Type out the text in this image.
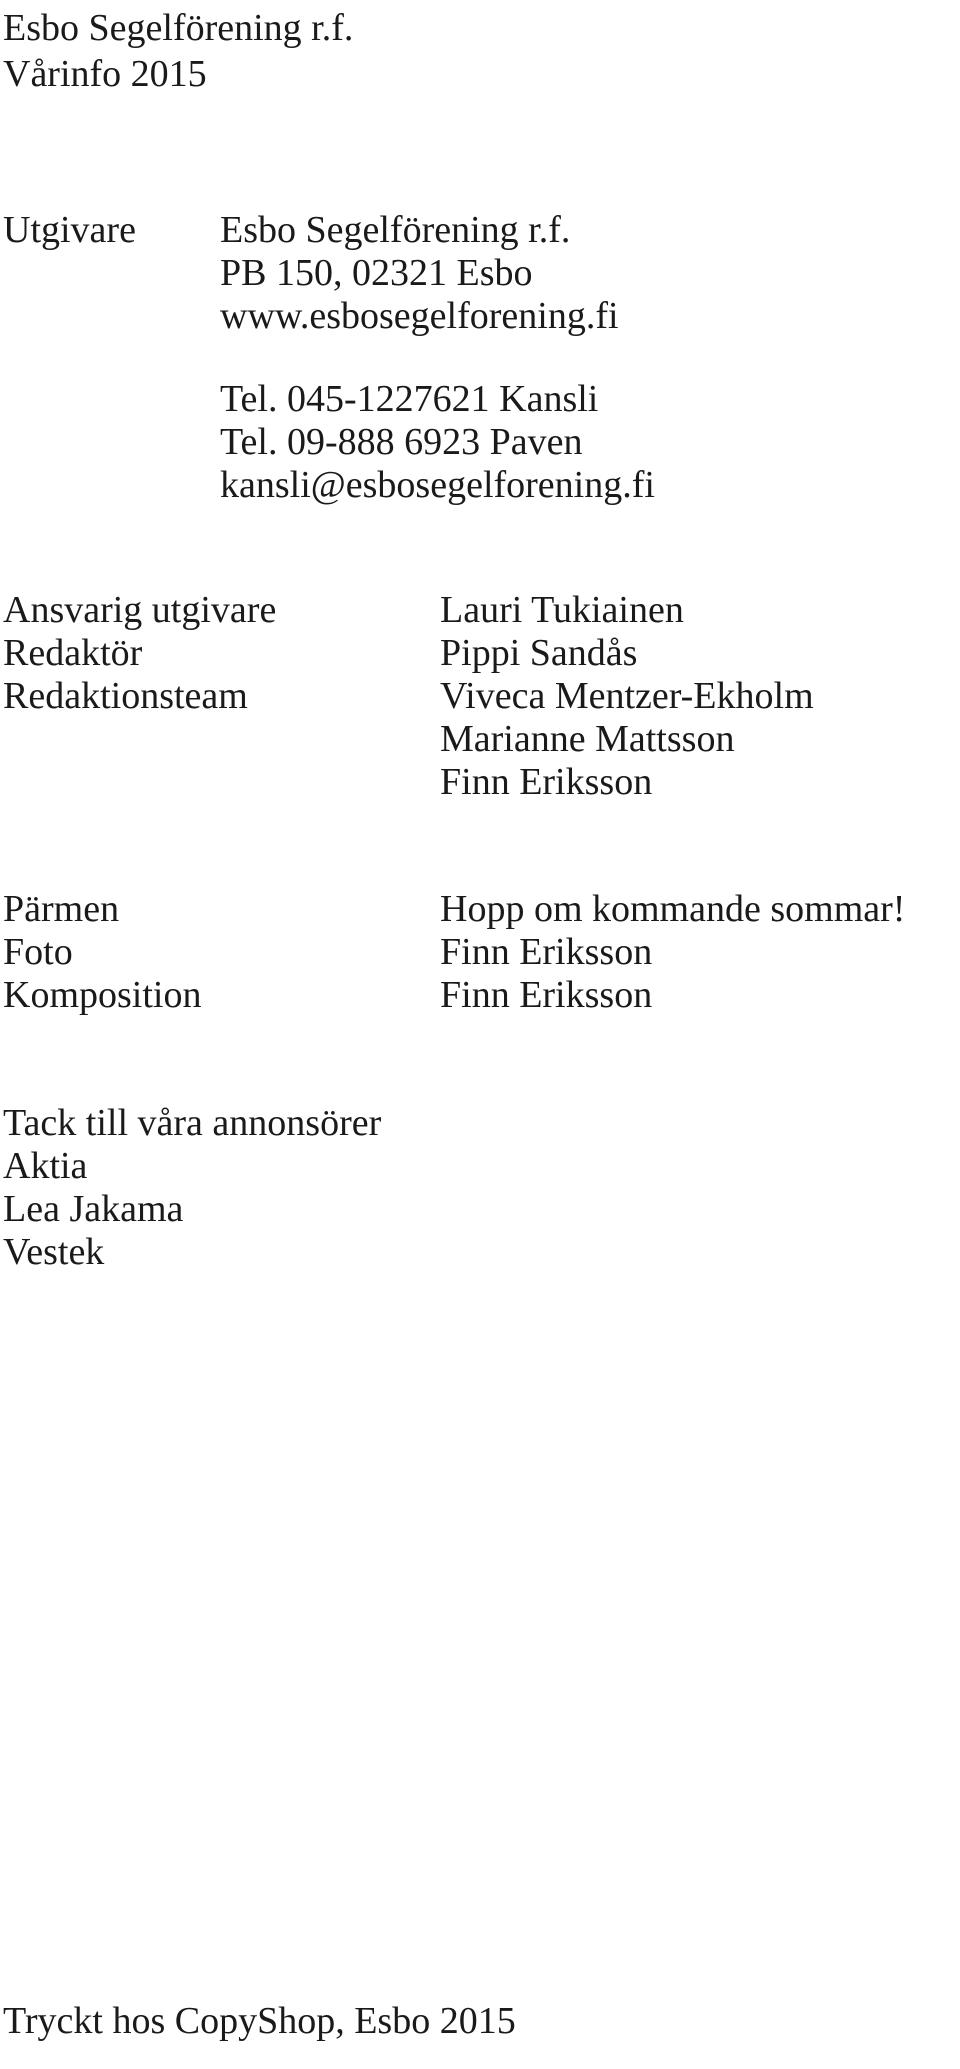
Esbo Segelförening r.f.

Vårinfo 2015

Utgivare Esbo Segelförening r.f.

PB 150, 02321 Esbo

www.esbosegelforening.fi

Tel. 045-1227621 Kansli

Tel. 09-888 6923 Paven

kansli@esbosegelforening.fi

Ansvarig utgivare

Redaktör

Redaktionsteam

Lauri Tukiainen

Pippi Sandås

Viveca Mentzer-Ekholm

Marianne Mattsson

Finn Eriksson

Pärmen

Foto

Komposition

Hopp om kommande sommar!

Finn Eriksson

Finn Eriksson

Tack till våra annonsörer

Aktia

Lea Jakama

Vestek

Tryckt hos CopyShop, Esbo 2015
